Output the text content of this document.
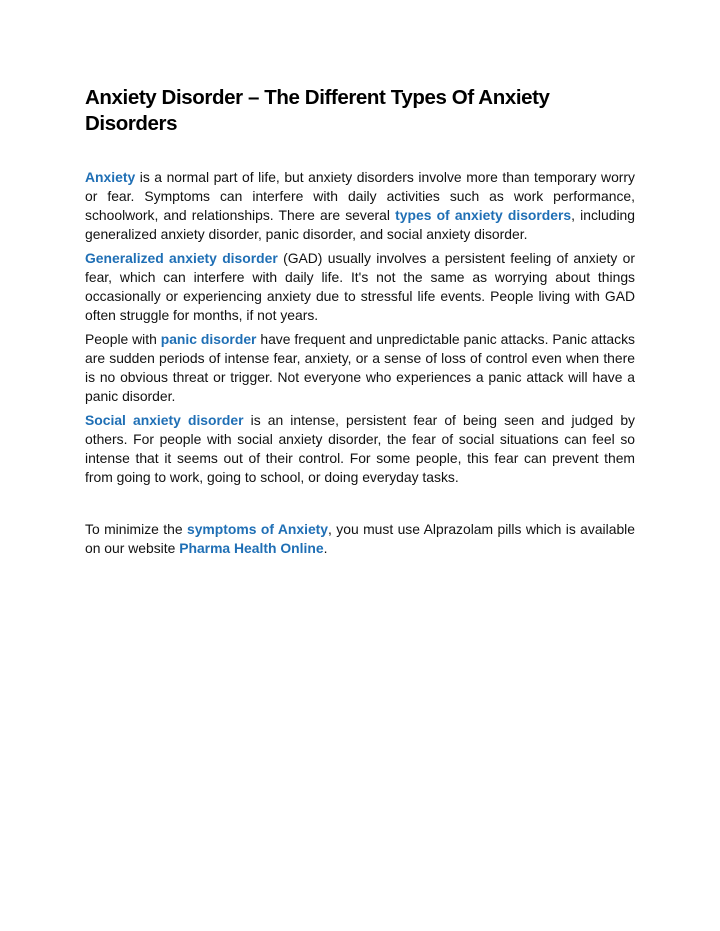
Anxiety Disorder – The Different Types Of Anxiety Disorders

Anxiety is a normal part of life, but anxiety disorders involve more than temporary worry or fear. Symptoms can interfere with daily activities such as work performance, schoolwork, and relationships. There are several types of anxiety disorders, including generalized anxiety disorder, panic disorder, and social anxiety disorder.

Generalized anxiety disorder (GAD) usually involves a persistent feeling of anxiety or fear, which can interfere with daily life. It's not the same as worrying about things occasionally or experiencing anxiety due to stressful life events. People living with GAD often struggle for months, if not years.

People with panic disorder have frequent and unpredictable panic attacks. Panic attacks are sudden periods of intense fear, anxiety, or a sense of loss of control even when there is no obvious threat or trigger. Not everyone who experiences a panic attack will have a panic disorder.

Social anxiety disorder is an intense, persistent fear of being seen and judged by others. For people with social anxiety disorder, the fear of social situations can feel so intense that it seems out of their control. For some people, this fear can prevent them from going to work, going to school, or doing everyday tasks.

To minimize the symptoms of Anxiety, you must use Alprazolam pills which is available on our website Pharma Health Online.
